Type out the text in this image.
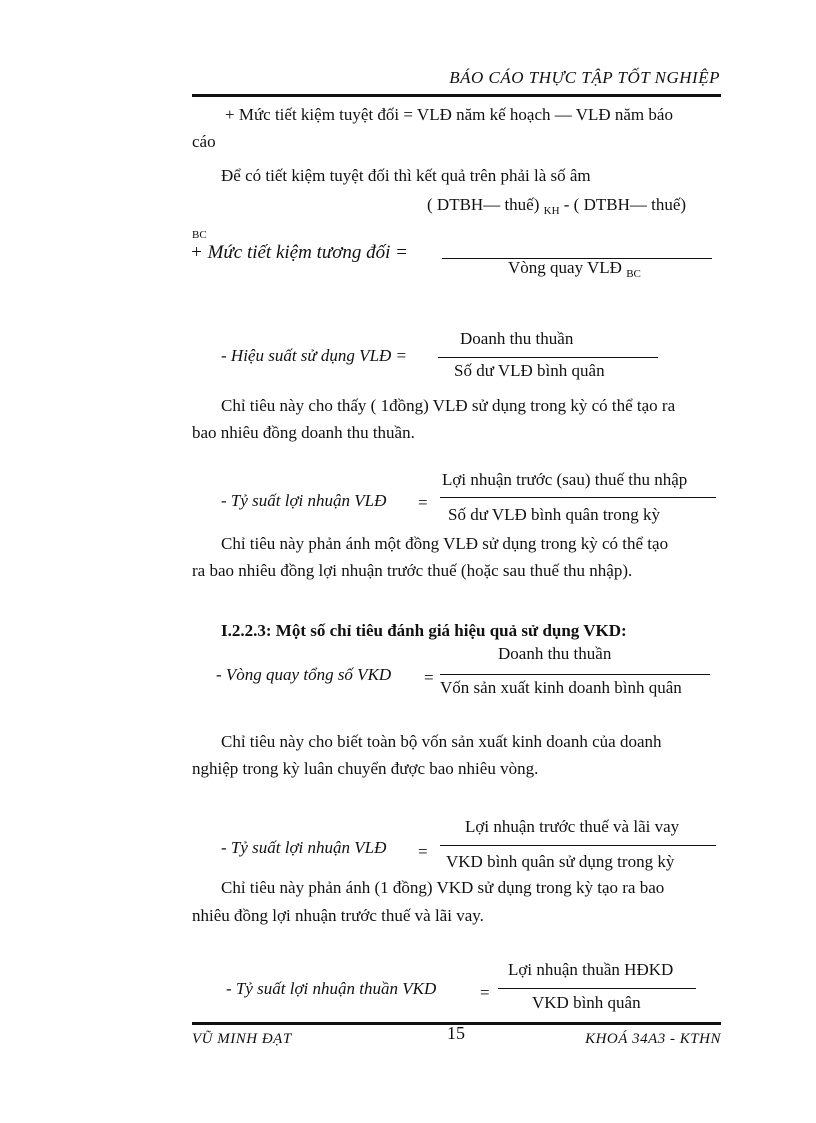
BÁO CÁO THỰC TẬP TỐT NGHIỆP
+ Mức tiết kiệm tuyệt đối = VLĐ năm kế hoạch — VLĐ năm báo
cáo
Để có tiết kiệm tuyệt đối thì kết quả trên phải là số âm
( DTBH— thuế) $_{KH}$ - ( DTBH— thuế)
BC
+ Mức tiết kiệm tương đối =
Vòng quay VLĐ $_{BC}$
Doanh thu thuần
- Hiệu suất sử dụng VLĐ =
Số dư VLĐ bình quân
Chỉ tiêu này cho thấy ( 1đồng) VLĐ sử dụng trong kỳ có thể tạo ra
bao nhiêu đồng doanh thu thuần.
Lợi nhuận trước (sau) thuế thu nhập
- Tỷ suất lợi nhuận VLĐ =
Số dư VLĐ bình quân trong kỳ
Chỉ tiêu này phản ánh một đồng VLĐ sử dụng trong kỳ có thể tạo
ra bao nhiêu đồng lợi nhuận trước thuế (hoặc sau thuế thu nhập).
I.2.2.3: Một số chỉ tiêu đánh giá hiệu quả sử dụng VKD:
Doanh thu thuần
- Vòng quay tổng số VKD =
Vốn sản xuất kinh doanh bình quân
Chỉ tiêu này cho biết toàn bộ vốn sản xuất kinh doanh của doanh
nghiệp trong kỳ luân chuyển được bao nhiêu vòng.
Lợi nhuận trước thuế và lãi vay
- Tỷ suất lợi nhuận VLĐ =
VKD bình quân sử dụng trong kỳ
Chỉ tiêu này phản ánh (1 đồng) VKD sử dụng trong kỳ tạo ra bao
nhiêu đồng lợi nhuận trước thuế và lãi vay.
Lợi nhuận thuần HĐKD
- Tỷ suất lợi nhuận thuần VKD	=
VKD bình quân
VŨ MINH ĐẠT	15	KHOÁ 34A3 - KTHN
